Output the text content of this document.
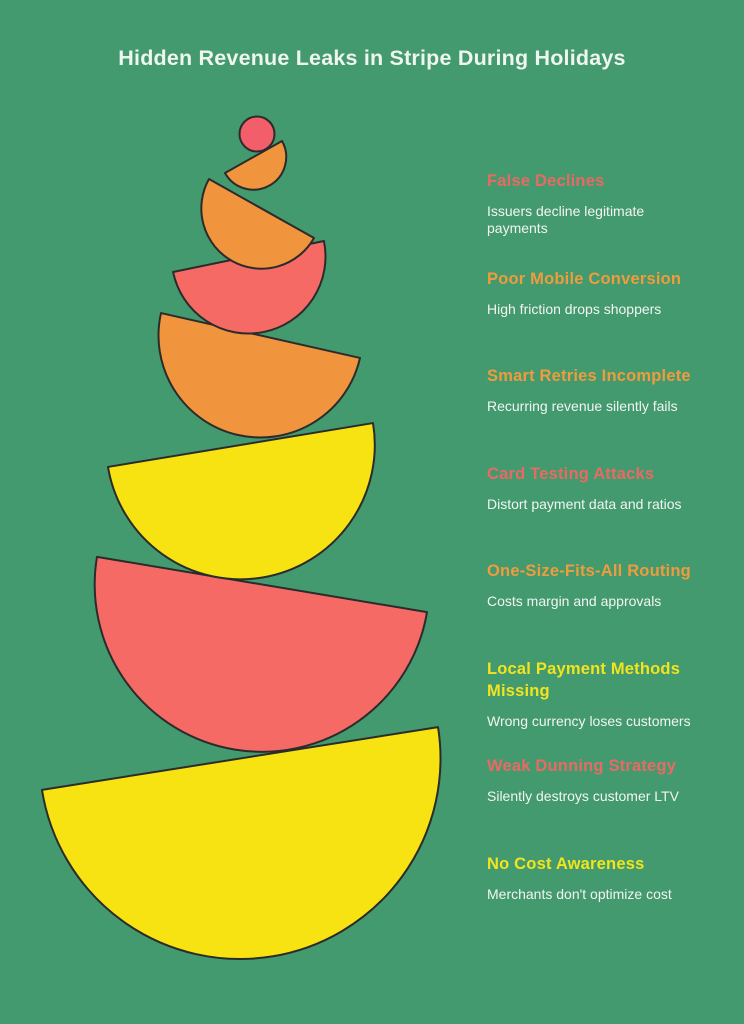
Hidden Revenue Leaks in Stripe During Holidays
False Declines

Issuers decline legitimate payments

Poor Mobile Conversion

High friction drops shoppers

Smart Retries Incomplete

Recurring revenue silently fails

Card Testing Attacks

Distort payment data and ratios

One-Size-Fits-All Routing

Costs margin and approvals

Local Payment Methods Missing

Wrong currency loses customers

Weak Dunning Strategy

Silently destroys customer LTV

No Cost Awareness

Merchants don't optimize cost
